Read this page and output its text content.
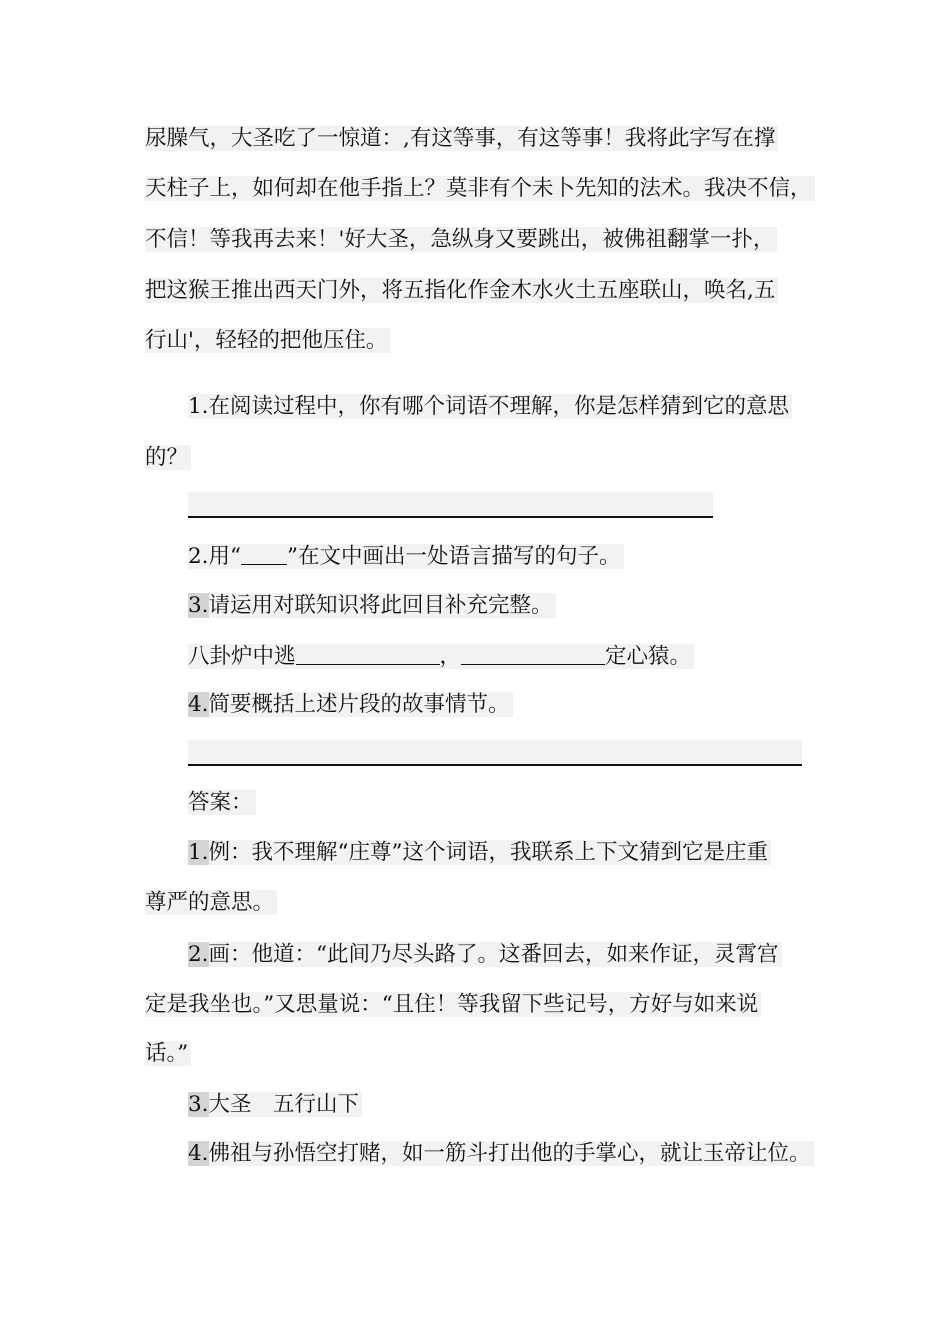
尿臊气，大圣吃了一惊道：,有这等事，有这等事！我将此字写在撑
天柱子上，如何却在他手指上？莫非有个未卜先知的法术。我决不信，
不信！等我再去来！'好大圣，急纵身又要跳出，被佛祖翻掌一扑，
把这猴王推出西天门外，将五指化作金木水火土五座联山，唤名,五
行山'，轻轻的把他压住。
1.在阅读过程中，你有哪个词语不理解，你是怎样猜到它的意思
的？
2.用“ ”在文中画出一处语言描写的句子。
3.请运用对联知识将此回目补充完整。
八卦炉中逃	，	定心猿。
4.简要概括上述片段的故事情节。
答案：
1.例：我不理解“庄尊”这个词语，我联系上下文猜到它是庄重
尊严的意思。
2.画：他道：“此间乃尽头路了。这番回去，如来作证，灵霄宫
定是我坐也。”又思量说：“且住！等我留下些记号，方好与如来说
话。”
3.大圣　五行山下
4.佛祖与孙悟空打赌，如一筋斗打出他的手掌心，就让玉帝让位。
